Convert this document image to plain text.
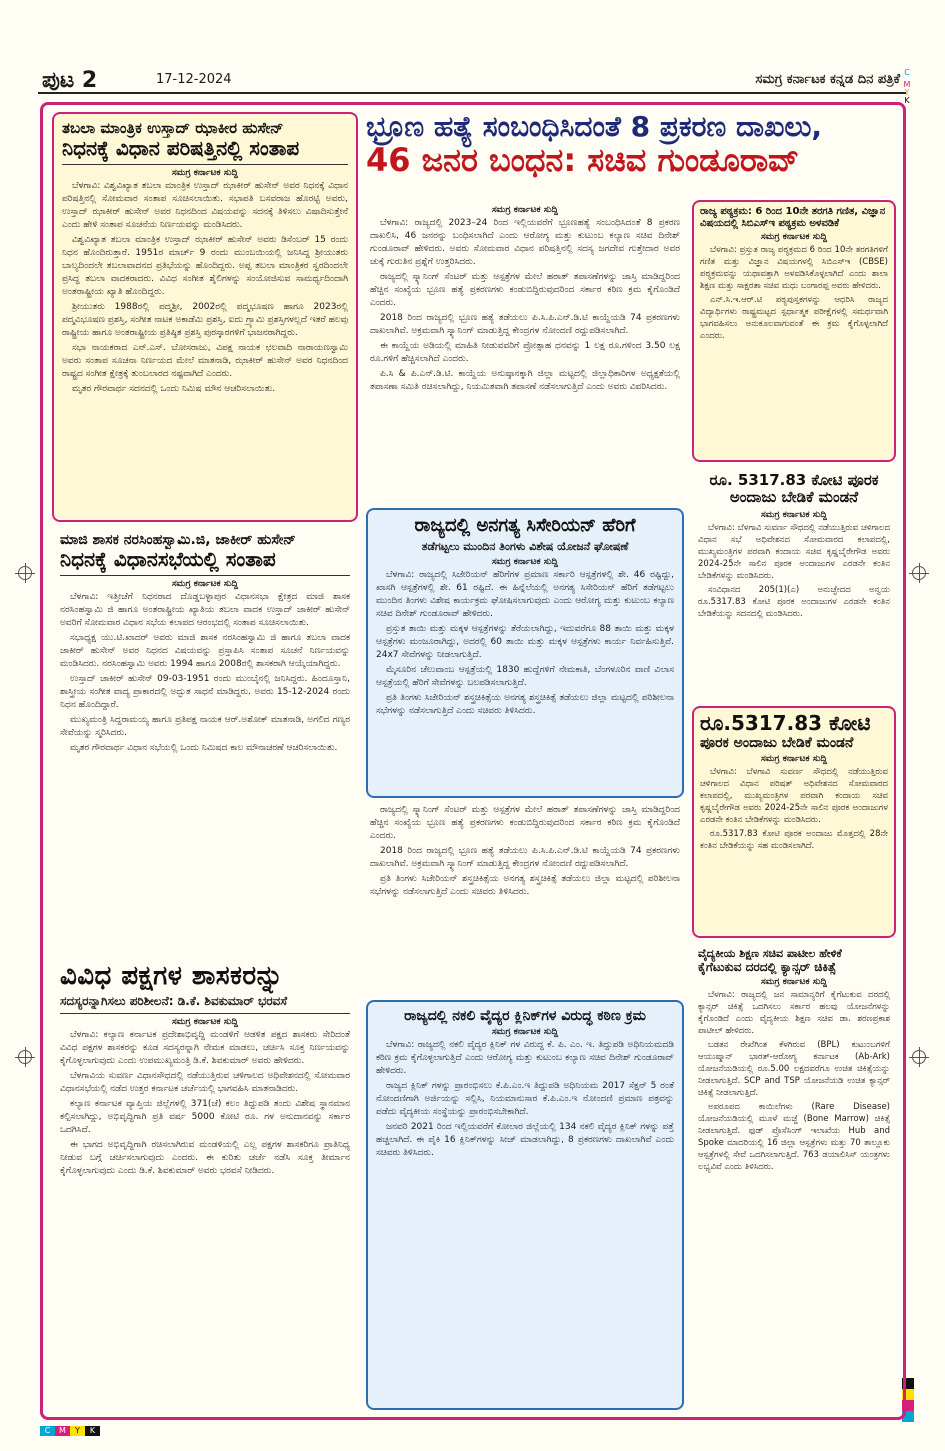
C
M
Y
K
C	M	Y	K
ಪುಟ 2	17-12-2024	ಸಮಗ್ರ ಕರ್ನಾಟಕ ಕನ್ನಡ ದಿನ ಪತ್ರಿಕೆ
ತಬಲಾ ಮಾಂತ್ರಿಕ ಉಸ್ತಾದ್ ಝಾಕೀರ ಹುಸೇನ್
ನಿಧನಕ್ಕೆ ವಿಧಾನ ಪರಿಷತ್ತಿನಲ್ಲಿ ಸಂತಾಪ
ಸಮಗ್ರ ಕರ್ನಾಟಕ ಸುದ್ದಿ

ಬೆಳಗಾವಿ: ವಿಶ್ವವಿಖ್ಯಾತ ತಬಲಾ ಮಾಂತ್ರಿಕ ಉಸ್ತಾದ್ ಝಾಕೀರ್ ಹುಸೇನ್ ಅವರ ನಿಧನಕ್ಕೆ ವಿಧಾನ ಪರಿಷತ್ತಿನಲ್ಲಿ ಸೋಮವಾರ ಸಂತಾಪ ಸೂಚಿಸಲಾಯಿತು. ಸಭಾಪತಿ ಬಸವರಾಜ ಹೊರಟ್ಟಿ ಅವರು, ಉಸ್ತಾದ್ ಝಾಕೀರ್ ಹುಸೇನ್ ಅವರ ನಿಧನದಿಂದ ವಿಷಯವನ್ನು ಸದನಕ್ಕೆ ತಿಳಿಸಲು ವಿಷಾದಿಸುತ್ತೇನೆ ಎಂದು ಹೇಳಿ ಸಂತಾಪ ಸೂಚನೆಯ ನಿರ್ಣಯವನ್ನು ಮಂಡಿಸಿದರು.

ವಿಶ್ವವಿಖ್ಯಾತ ತಬಲಾ ಮಾಂತ್ರಿಕ ಉಸ್ತಾದ್ ಝಾಕೀರ್ ಹುಸೇನ್ ಅವರು ಡಿಸೆಂಬರ್ 15 ರಂದು ನಿಧನ ಹೊಂದಿರುತ್ತಾರೆ. 1951ರ ಮಾರ್ಚ್ 9 ರಂದು ಮುಂಬಯಿಯಲ್ಲಿ ಜನಿಸಿದ್ದ ಶ್ರೀಯುತರು ಬಾಲ್ಯದಿಂದಲೇ ತಬಲಾವಾದನದ ಪ್ರತಿಭೆಯನ್ನು ಹೊಂದಿದ್ದರು. ಅಪ್ಪ ತಬಲಾ ಮಾಂತ್ರಿಕರ ಸ್ವರದಿಂದಲೇ ಪ್ರಸಿದ್ಧ ತಬಲಾ ವಾದಕರಾದರು. ವಿವಿಧ ಸಂಗೀತ ಶೈಲಿಗಳನ್ನು ಸಂಯೋಜಿಸುವ ಸಾಮರ್ಥ್ಯದಿಂದಾಗಿ ಅಂತರಾಷ್ಟ್ರೀಯ ಖ್ಯಾತಿ ಹೊಂದಿದ್ದರು.

ಶ್ರೀಯುತರು 1988ರಲ್ಲಿ ಪದ್ಮಶ್ರೀ, 2002ರಲ್ಲಿ ಪದ್ಮಭೂಷಣ ಹಾಗೂ 2023ರಲ್ಲಿ ಪದ್ಮವಿಭೂಷಣ ಪ್ರಶಸ್ತಿ, ಸಂಗೀತ ನಾಟಕ ಅಕಾಡೆಮಿ ಪ್ರಶಸ್ತಿ, ಐದು ಗ್ರ್ಯಾಮಿ ಪ್ರಶಸ್ತಿಗಳಲ್ಲದೆ ಇತರೆ ಹಲವು ರಾಷ್ಟ್ರೀಯ ಹಾಗೂ ಅಂತರಾಷ್ಟ್ರೀಯ ಪ್ರತಿಷ್ಠಿತ ಪ್ರಶಸ್ತಿ ಪುರಸ್ಕಾರಗಳಿಗೆ ಭಾಜನರಾಗಿದ್ದರು.

ಸಭಾ ನಾಯಕರಾದ ಎನ್.ಎಸ್. ಬೋಸರಾಜು, ವಿಪಕ್ಷ ನಾಯಕ ಛಲವಾದಿ ನಾರಾಯಣಸ್ವಾಮಿ ಅವರು ಸಂತಾಪ ಸೂಚನಾ ನಿರ್ಣಯದ ಮೇಲೆ ಮಾತನಾಡಿ, ಝಾಕೀರ್ ಹುಸೇನ್ ಅವರ ನಿಧನದಿಂದ ರಾಷ್ಟ್ರದ ಸಂಗೀತ ಕ್ಷೇತ್ರಕ್ಕೆ ತುಂಬಲಾರದ ನಷ್ಟವಾಗಿದೆ ಎಂದರು.

ಮೃತರ ಗೌರವಾರ್ಥ ಸದನದಲ್ಲಿ ಒಂದು ನಿಮಿಷ ಮೌನ ಆಚರಿಸಲಾಯಿತು.

ಮಾಜಿ ಶಾಸಕ ನರಸಿಂಹಸ್ವಾಮಿ.ಜಿ, ಜಾಕೀರ್ ಹುಸೇನ್
ನಿಧನಕ್ಕೆ ವಿಧಾನಸಭೆಯಲ್ಲಿ ಸಂತಾಪ
ಸಮಗ್ರ ಕರ್ನಾಟಕ ಸುದ್ದಿ

ಬೆಳಗಾವಿ: ಇತ್ತೀಚೆಗೆ ನಿಧನರಾದ ದೊಡ್ಡಬಳ್ಳಾಪುರ ವಿಧಾನಸಭಾ ಕ್ಷೇತ್ರದ ಮಾಜಿ ಶಾಸಕ ನರಸಿಂಹಸ್ವಾಮಿ ಜಿ ಹಾಗೂ ಅಂತರಾಷ್ಟ್ರೀಯ ಖ್ಯಾತಿಯ ತಬಲಾ ವಾದಕ ಉಸ್ತಾದ್ ಜಾಕೀರ್ ಹುಸೇನ್ ಅವರಿಗೆ ಸೋಮವಾರ ವಿಧಾನ ಸಭೆಯ ಕಲಾಪದ ಆರಂಭದಲ್ಲಿ ಸಂತಾಪ ಸೂಚಿಸಲಾಯಿತು.

ಸಭಾಧ್ಯಕ್ಷ ಯು.ಟಿ.ಖಾದರ್ ಅವರು ಮಾಜಿ ಶಾಸಕ ನರಸಿಂಹಸ್ವಾಮಿ ಜಿ ಹಾಗೂ ತಬಲಾ ವಾದಕ ಜಾಕೀರ್ ಹುಸೇನ್ ಅವರ ನಿಧನದ ವಿಷಯವನ್ನು ಪ್ರಸ್ತಾಪಿಸಿ ಸಂತಾಪ ಸೂಚನೆ ನಿರ್ಣಯವನ್ನು ಮಂಡಿಸಿದರು. ನರಸಿಂಹಸ್ವಾಮಿ ಅವರು 1994 ಹಾಗೂ 2008ರಲ್ಲಿ ಶಾಸಕರಾಗಿ ಆಯ್ಕೆಯಾಗಿದ್ದರು.

ಉಸ್ತಾದ್ ಜಾಕೀರ್ ಹುಸೇನ್ 09-03-1951 ರಂದು ಮುಂಬೈನಲ್ಲಿ ಜನಿಸಿದ್ದರು. ಹಿಂದೂಸ್ತಾನಿ, ಶಾಸ್ತ್ರೀಯ ಸಂಗೀತ ವಾದ್ಯ ಪ್ರಾಕಾರದಲ್ಲಿ ಅದ್ಭುತ ಸಾಧನೆ ಮಾಡಿದ್ದರು. ಅವರು 15-12-2024 ರಂದು ನಿಧನ ಹೊಂದಿದ್ದಾರೆ.

ಮುಖ್ಯಮಂತ್ರಿ ಸಿದ್ದರಾಮಯ್ಯ ಹಾಗೂ ಪ್ರತಿಪಕ್ಷ ನಾಯಕ ಆರ್.ಅಶೋಕ್ ಮಾತನಾಡಿ, ಅಗಲಿದ ಗಣ್ಯರ ಸೇವೆಯನ್ನು ಸ್ಮರಿಸಿದರು.

ಮೃತರ ಗೌರವಾರ್ಥ ವಿಧಾನ ಸಭೆಯಲ್ಲಿ ಒಂದು ನಿಮಿಷದ ಕಾಲ ಮೌನಾಚರಣೆ ಆಚರಿಸಲಾಯಿತು.

ವಿವಿಧ ಪಕ್ಷಗಳ ಶಾಸಕರನ್ನು
ಸದಸ್ಯರನ್ನಾಗಿಸಲು ಪರಿಶೀಲನೆ: ಡಿ.ಕೆ. ಶಿವಕುಮಾರ್ ಭರವಸೆ
ಸಮಗ್ರ ಕರ್ನಾಟಕ ಸುದ್ದಿ

ಬೆಳಗಾವಿ: ಕಲ್ಯಾಣ ಕರ್ನಾಟಕ ಪ್ರದೇಶಾಭಿವೃದ್ಧಿ ಮಂಡಳಿಗೆ ಆಡಳಿತ ಪಕ್ಷದ ಶಾಸಕರು ಸೇರಿದಂತೆ ವಿವಿಧ ಪಕ್ಷಗಳ ಶಾಸಕರನ್ನು ಕೂಡ ಸದಸ್ಯರನ್ನಾಗಿ ನೇಮಕ ಮಾಡಲು, ಚರ್ಚಿಸಿ ಸೂಕ್ತ ನಿರ್ಣಯವನ್ನು ಕೈಗೊಳ್ಳಲಾಗುವುದು ಎಂದು ಉಪಮುಖ್ಯಮಂತ್ರಿ ಡಿ.ಕೆ. ಶಿವಕುಮಾರ್ ಅವರು ಹೇಳಿದರು.

ಬೆಳಗಾವಿಯ ಸುವರ್ಣ ವಿಧಾನಸೌಧದಲ್ಲಿ ನಡೆಯುತ್ತಿರುವ ಚಳಿಗಾಲದ ಅಧಿವೇಶನದಲ್ಲಿ ಸೋಮವಾರ ವಿಧಾನಸಭೆಯಲ್ಲಿ ನಡೆದ ಉತ್ತರ ಕರ್ನಾಟಕ ಚರ್ಚೆಯಲ್ಲಿ ಭಾಗವಹಿಸಿ ಮಾತನಾಡಿದರು.

ಕಲ್ಯಾಣ ಕರ್ನಾಟಕ ವ್ಯಾಪ್ತಿಯ ಜಿಲ್ಲೆಗಳಲ್ಲಿ 371(ಜೆ) ಕಲಂ ತಿದ್ದುಪಡಿ ತಂದು ವಿಶೇಷ ಸ್ಥಾನಮಾನ ಕಲ್ಪಿಸಲಾಗಿದ್ದು, ಅಭಿವೃದ್ಧಿಗಾಗಿ ಪ್ರತಿ ವರ್ಷ 5000 ಕೋಟಿ ರೂ. ಗಳ ಅನುದಾನವನ್ನು ಸರ್ಕಾರ ಒದಗಿಸಿದೆ.

ಈ ಭಾಗದ ಅಭಿವೃದ್ಧಿಗಾಗಿ ರಚಿಸಲಾಗಿರುವ ಮಂಡಳಿಯಲ್ಲಿ ಎಲ್ಲ ಪಕ್ಷಗಳ ಶಾಸಕರಿಗೂ ಪ್ರಾತಿನಿಧ್ಯ ನೀಡುವ ಬಗ್ಗೆ ಚರ್ಚಿಸಲಾಗುವುದು ಎಂದರು. ಈ ಕುರಿತು ಚರ್ಚೆ ನಡೆಸಿ ಸೂಕ್ತ ತೀರ್ಮಾನ ಕೈಗೊಳ್ಳಲಾಗುವುದು ಎಂದು ಡಿ.ಕೆ. ಶಿವಕುಮಾರ್ ಅವರು ಭರವಸೆ ನೀಡಿದರು.

ಭ್ರೂಣ ಹತ್ಯೆ ಸಂಬಂಧಿಸಿದಂತೆ 8 ಪ್ರಕರಣ ದಾಖಲು,
46 ಜನರ ಬಂಧನ: ಸಚಿವ ಗುಂಡೂರಾವ್
ಸಮಗ್ರ ಕರ್ನಾಟಕ ಸುದ್ದಿ

ಬೆಳಗಾವಿ: ರಾಜ್ಯದಲ್ಲಿ 2023–24 ರಿಂದ ಇಲ್ಲಿಯವರೆಗೆ ಭ್ರೂಣಹತ್ಯೆ ಸಂಬಂಧಿಸಿದಂತೆ 8 ಪ್ರಕರಣ ದಾಖಲಿಸಿ, 46 ಜನರನ್ನು ಬಂಧಿಸಲಾಗಿದೆ ಎಂದು ಆರೋಗ್ಯ ಮತ್ತು ಕುಟುಂಬ ಕಲ್ಯಾಣ ಸಚಿವ ದಿನೇಶ್ ಗುಂಡೂರಾವ್ ಹೇಳಿದರು. ಅವರು ಸೋಮವಾರ ವಿಧಾನ ಪರಿಷತ್ತಿನಲ್ಲಿ ಸದಸ್ಯ ಜಗದೇವ ಗುತ್ತೇದಾರ ಅವರ ಚುಕ್ಕೆ ಗುರುತಿನ ಪ್ರಶ್ನೆಗೆ ಉತ್ತರಿಸಿದರು.

ರಾಜ್ಯದಲ್ಲಿ ಸ್ಕ್ಯಾನಿಂಗ್ ಸೆಂಟರ್ ಮತ್ತು ಆಸ್ಪತ್ರೆಗಳ ಮೇಲೆ ಹಠಾತ್ ತಪಾಸಣೆಗಳನ್ನು ಜಾಸ್ತಿ ಮಾಡಿದ್ದರಿಂದ ಹೆಚ್ಚಿನ ಸಂಖ್ಯೆಯ ಭ್ರೂಣ ಹತ್ಯೆ ಪ್ರಕರಣಗಳು ಕಂಡುಬಿದ್ದಿರುವುದರಿಂದ ಸರ್ಕಾರ ಕಠಿಣ ಕ್ರಮ ಕೈಗೊಂಡಿದೆ ಎಂದರು.

2018 ರಿಂದ ರಾಜ್ಯದಲ್ಲಿ ಭ್ರೂಣ ಹತ್ಯೆ ತಡೆಯಲು ಪಿ.ಸಿ.ಪಿ.ಎನ್.ಡಿ.ಟಿ ಕಾಯ್ದೆಯಡಿ 74 ಪ್ರಕರಣಗಳು ದಾಖಲಾಗಿವೆ. ಅಕ್ರಮವಾಗಿ ಸ್ಕ್ಯಾನಿಂಗ್ ಮಾಡುತ್ತಿದ್ದ ಕೇಂದ್ರಗಳ ನೋಂದಣಿ ರದ್ದುಪಡಿಸಲಾಗಿದೆ.

ಈ ಕಾಯ್ದೆಯ ಅಡಿಯಲ್ಲಿ ಮಾಹಿತಿ ನೀಡುವವರಿಗೆ ಪ್ರೋತ್ಸಾಹ ಧನವನ್ನು 1 ಲಕ್ಷ ರೂ.ಗಳಿಂದ 3.50 ಲಕ್ಷ ರೂ.ಗಳಿಗೆ ಹೆಚ್ಚಿಸಲಾಗಿದೆ ಎಂದರು.

ಪಿ.ಸಿ & ಪಿ.ಎನ್.ಡಿ.ಟಿ. ಕಾಯ್ದೆಯ ಅನುಷ್ಠಾನಕ್ಕಾಗಿ ಜಿಲ್ಲಾ ಮಟ್ಟದಲ್ಲಿ ಜಿಲ್ಲಾಧಿಕಾರಿಗಳ ಅಧ್ಯಕ್ಷತೆಯಲ್ಲಿ ತಪಾಸಣಾ ಸಮಿತಿ ರಚಿಸಲಾಗಿದ್ದು, ನಿಯಮಿತವಾಗಿ ತಪಾಸಣೆ ನಡೆಸಲಾಗುತ್ತಿದೆ ಎಂದು ಅವರು ವಿವರಿಸಿದರು.

ರಾಜ್ಯದಲ್ಲಿ ಅನಗತ್ಯ ಸಿಸೇರಿಯನ್ ಹೆರಿಗೆ
ತಡೆಗಟ್ಟಲು ಮುಂದಿನ ತಿಂಗಳು ವಿಶೇಷ ಯೋಜನೆ ಘೋಷಣೆ
ಸಮಗ್ರ ಕರ್ನಾಟಕ ಸುದ್ದಿ

ಬೆಳಗಾವಿ: ರಾಜ್ಯದಲ್ಲಿ ಸಿಜೇರಿಯನ್ ಹೆರಿಗೆಗಳ ಪ್ರಮಾಣ ಸರ್ಕಾರಿ ಆಸ್ಪತ್ರೆಗಳಲ್ಲಿ ಶೇ. 46 ರಷ್ಟಿದ್ದು, ಖಾಸಗಿ ಆಸ್ಪತ್ರೆಗಳಲ್ಲಿ ಶೇ. 61 ರಷ್ಟಿದೆ. ಈ ಹಿನ್ನೆಲೆಯಲ್ಲಿ ಅನಗತ್ಯ ಸಿಸೇರಿಯನ್ ಹೆರಿಗೆ ತಡೆಗಟ್ಟಲು ಮುಂದಿನ ತಿಂಗಳು ವಿಶೇಷ ಕಾರ್ಯಕ್ರಮ ಘೋಷಿಸಲಾಗುವುದು ಎಂದು ಆರೋಗ್ಯ ಮತ್ತು ಕುಟುಂಬ ಕಲ್ಯಾಣ ಸಚಿವ ದಿನೇಶ್ ಗುಂಡೂರಾವ್ ಹೇಳಿದರು.

ಪ್ರಸ್ತುತ ತಾಯಿ ಮತ್ತು ಮಕ್ಕಳ ಆಸ್ಪತ್ರೆಗಳನ್ನು ತೆರೆಯಲಾಗಿದ್ದು, ಇದುವರೆಗೂ 88 ತಾಯಿ ಮತ್ತು ಮಕ್ಕಳ ಆಸ್ಪತ್ರೆಗಳು ಮಂಜೂರಾಗಿದ್ದು, ಅದರಲ್ಲಿ 60 ತಾಯಿ ಮತ್ತು ಮಕ್ಕಳ ಆಸ್ಪತ್ರೆಗಳು ಕಾರ್ಯ ನಿರ್ವಹಿಸುತ್ತಿವೆ. 24x7 ಸೇವೆಗಳನ್ನು ನೀಡಲಾಗುತ್ತಿದೆ.

ಮೈಸೂರಿನ ಚೆಲುವಾಂಬ ಆಸ್ಪತ್ರೆಯಲ್ಲಿ 1830 ಹುದ್ದೆಗಳಿಗೆ ನೇಮಕಾತಿ, ಬೆಂಗಳೂರಿನ ವಾಣಿ ವಿಲಾಸ ಆಸ್ಪತ್ರೆಯಲ್ಲಿ ಹೆರಿಗೆ ಸೇವೆಗಳನ್ನು ಬಲಪಡಿಸಲಾಗುತ್ತಿದೆ.

ಪ್ರತಿ ತಿಂಗಳು ಸಿಜೇರಿಯನ್ ಶಸ್ತ್ರಚಿಕಿತ್ಸೆಯ ಅನಗತ್ಯ ಶಸ್ತ್ರಚಿಕಿತ್ಸೆ ತಡೆಯಲು ಜಿಲ್ಲಾ ಮಟ್ಟದಲ್ಲಿ ಪರಿಶೀಲನಾ ಸಭೆಗಳನ್ನು ನಡೆಸಲಾಗುತ್ತಿದೆ ಎಂದು ಸಚಿವರು ತಿಳಿಸಿದರು.

ರಾಜ್ಯದಲ್ಲಿ ಸ್ಕ್ಯಾನಿಂಗ್ ಸೆಂಟರ್ ಮತ್ತು ಆಸ್ಪತ್ರೆಗಳ ಮೇಲೆ ಹಠಾತ್ ತಪಾಸಣೆಗಳನ್ನು ಜಾಸ್ತಿ ಮಾಡಿದ್ದರಿಂದ ಹೆಚ್ಚಿನ ಸಂಖ್ಯೆಯ ಭ್ರೂಣ ಹತ್ಯೆ ಪ್ರಕರಣಗಳು ಕಂಡುಬಿದ್ದಿರುವುದರಿಂದ ಸರ್ಕಾರ ಕಠಿಣ ಕ್ರಮ ಕೈಗೊಂಡಿದೆ ಎಂದರು.

2018 ರಿಂದ ರಾಜ್ಯದಲ್ಲಿ ಭ್ರೂಣ ಹತ್ಯೆ ತಡೆಯಲು ಪಿ.ಸಿ.ಪಿ.ಎನ್.ಡಿ.ಟಿ ಕಾಯ್ದೆಯಡಿ 74 ಪ್ರಕರಣಗಳು ದಾಖಲಾಗಿವೆ. ಅಕ್ರಮವಾಗಿ ಸ್ಕ್ಯಾನಿಂಗ್ ಮಾಡುತ್ತಿದ್ದ ಕೇಂದ್ರಗಳ ನೋಂದಣಿ ರದ್ದುಪಡಿಸಲಾಗಿದೆ.

ಪ್ರತಿ ತಿಂಗಳು ಸಿಜೇರಿಯನ್ ಶಸ್ತ್ರಚಿಕಿತ್ಸೆಯ ಅನಗತ್ಯ ಶಸ್ತ್ರಚಿಕಿತ್ಸೆ ತಡೆಯಲು ಜಿಲ್ಲಾ ಮಟ್ಟದಲ್ಲಿ ಪರಿಶೀಲನಾ ಸಭೆಗಳನ್ನು ನಡೆಸಲಾಗುತ್ತಿದೆ ಎಂದು ಸಚಿವರು ತಿಳಿಸಿದರು.

ರಾಜ್ಯದಲ್ಲಿ ನಕಲಿ ವೈದ್ಯರ ಕ್ಲಿನಿಕ್‌ಗಳ ವಿರುದ್ಧ ಕಠಿಣ ಕ್ರಮ
ಸಮಗ್ರ ಕರ್ನಾಟಕ ಸುದ್ದಿ

ಬೆಳಗಾವಿ: ರಾಜ್ಯದಲ್ಲಿ ನಕಲಿ ವೈದ್ಯರ ಕ್ಲಿನಿಕ್ ಗಳ ವಿರುದ್ಧ ಕೆ. ಪಿ. ಎಂ. ಇ. ತಿದ್ದುಪಡಿ ಅಧಿನಿಯಮದಡಿ ಕಠಿಣ ಕ್ರಮ ಕೈಗೊಳ್ಳಲಾಗುತ್ತಿದೆ ಎಂದು ಆರೋಗ್ಯ ಮತ್ತು ಕುಟುಂಬ ಕಲ್ಯಾಣ ಸಚಿವ ದಿನೇಶ್ ಗುಂಡೂರಾವ್ ಹೇಳಿದರು.

ರಾಜ್ಯದ ಕ್ಲಿನಿಕ್ ಗಳನ್ನು ಪ್ರಾರಂಭಿಸಲು ಕೆ.ಪಿ.ಎಂ.ಇ ತಿದ್ದುಪಡಿ ಅಧಿನಿಯಮ 2017 ಸೆಕ್ಷನ್ 5 ರಂತೆ ನೋಂದಣಿಗಾಗಿ ಅರ್ಜಿಯನ್ನು ಸಲ್ಲಿಸಿ, ನಿಯಮಾನುಸಾರ ಕೆ.ಪಿ.ಎಂ.ಇ ನೋಂದಣಿ ಪ್ರಮಾಣ ಪತ್ರವನ್ನು ಪಡೆದು ವೈದ್ಯಕೀಯ ಸಂಸ್ಥೆಯನ್ನು ಪ್ರಾರಂಭಿಸಬೇಕಾಗಿದೆ.

ಜನವರಿ 2021 ರಿಂದ ಇಲ್ಲಿಯವರೆಗೆ ಕೋಲಾರ ಜಿಲ್ಲೆಯಲ್ಲಿ 134 ನಕಲಿ ವೈದ್ಯರ ಕ್ಲಿನಿಕ್ ಗಳನ್ನು ಪತ್ತೆ ಹಚ್ಚಲಾಗಿದೆ. ಈ ಪೈಕಿ 16 ಕ್ಲಿನಿಕ್‌ಗಳನ್ನು ಸೀಜ್ ಮಾಡಲಾಗಿದ್ದು, 8 ಪ್ರಕರಣಗಳು ದಾಖಲಾಗಿವೆ ಎಂದು ಸಚಿವರು ತಿಳಿಸಿದರು.

ರಾಜ್ಯ ಪಠ್ಯಕ್ರಮ: 6 ರಿಂದ 10ನೇ ತರಗತಿ ಗಣಿತ, ವಿಜ್ಞಾನ ವಿಷಯದಲ್ಲಿ ಸಿಬಿಎಸ್‌ಇ ಪಠ್ಯಕ್ರಮ ಅಳವಡಿಕೆ
ಸಮಗ್ರ ಕರ್ನಾಟಕ ಸುದ್ದಿ

ಬೆಳಗಾವಿ: ಪ್ರಸ್ತುತ ರಾಜ್ಯ ಪಠ್ಯಕ್ರಮದ 6 ರಿಂದ 10ನೇ ತರಗತಿಗಳಿಗೆ ಗಣಿತ ಮತ್ತು ವಿಜ್ಞಾನ ವಿಷಯಗಳಲ್ಲಿ ಸಿಬಿಎಸ್‌ಇ (CBSE) ಪಠ್ಯಕ್ರಮವನ್ನು ಯಥಾವತ್ತಾಗಿ ಅಳವಡಿಸಿಕೊಳ್ಳಲಾಗಿದೆ ಎಂದು ಶಾಲಾ ಶಿಕ್ಷಣ ಮತ್ತು ಸಾಕ್ಷರತಾ ಸಚಿವ ಮಧು ಬಂಗಾರಪ್ಪ ಅವರು ಹೇಳಿದರು.

ಎನ್.ಸಿ.ಇ.ಆರ್.ಟಿ ಪಠ್ಯಪುಸ್ತಕಗಳನ್ನು ಆಧರಿಸಿ ರಾಜ್ಯದ ವಿದ್ಯಾರ್ಥಿಗಳು ರಾಷ್ಟ್ರಮಟ್ಟದ ಸ್ಪರ್ಧಾತ್ಮಕ ಪರೀಕ್ಷೆಗಳಲ್ಲಿ ಸಮರ್ಥವಾಗಿ ಭಾಗವಹಿಸಲು ಅನುಕೂಲವಾಗುವಂತೆ ಈ ಕ್ರಮ ಕೈಗೊಳ್ಳಲಾಗಿದೆ ಎಂದರು.

ರೂ. 5317.83 ಕೋಟಿ ಪೂರಕ
ಅಂದಾಜು ಬೇಡಿಕೆ ಮಂಡನೆ
ಸಮಗ್ರ ಕರ್ನಾಟಕ ಸುದ್ದಿ

ಬೆಳಗಾವಿ: ಬೆಳಗಾವಿ ಸುವರ್ಣ ಸೌಧದಲ್ಲಿ ನಡೆಯುತ್ತಿರುವ ಚಳಿಗಾಲದ ವಿಧಾನ ಸಭೆ ಅಧಿವೇಶನದ ಸೋಮವಾರದ ಕಲಾಪದಲ್ಲಿ, ಮುಖ್ಯಮಂತ್ರಿಗಳ ಪರವಾಗಿ ಕಂದಾಯ ಸಚಿವ ಕೃಷ್ಣಬೈರೇಗೌಡ ಅವರು 2024-25ನೇ ಸಾಲಿನ ಪೂರಕ ಅಂದಾಜುಗಳ ಎರಡನೇ ಕಂತಿನ ಬೇಡಿಕೆಗಳನ್ನು ಮಂಡಿಸಿದರು.

ಸಂವಿಧಾನದ 205(1)(ಎ) ಅನುಚ್ಛೇದದ ಅನ್ವಯ ರೂ.5317.83 ಕೋಟಿ ಪೂರಕ ಅಂದಾಜುಗಳ ಎರಡನೇ ಕಂತಿನ ಬೇಡಿಕೆಯನ್ನು ಸದನದಲ್ಲಿ ಮಂಡಿಸಿದರು.

ರೂ.5317.83 ಕೋಟಿ
ಪೂರಕ ಅಂದಾಜು ಬೇಡಿಕೆ ಮಂಡನೆ
ಸಮಗ್ರ ಕರ್ನಾಟಕ ಸುದ್ದಿ

ಬೆಳಗಾವಿ: ಬೆಳಗಾವಿ ಸುವರ್ಣ ಸೌಧದಲ್ಲಿ ನಡೆಯುತ್ತಿರುವ ಚಳಿಗಾಲದ ವಿಧಾನ ಪರಿಷತ್ ಅಧಿವೇಶನದ ಸೋಮವಾರದ ಕಲಾಪದಲ್ಲಿ, ಮುಖ್ಯಮಂತ್ರಿಗಳ ಪರವಾಗಿ ಕಂದಾಯ ಸಚಿವ ಕೃಷ್ಣಬೈರೇಗೌಡ ಅವರು 2024-25ನೇ ಸಾಲಿನ ಪೂರಕ ಅಂದಾಜುಗಳ ಎರಡನೇ ಕಂತಿನ ಬೇಡಿಕೆಗಳನ್ನು ಮಂಡಿಸಿದರು.

ರೂ.5317.83 ಕೋಟಿ ಪೂರಕ ಅಂದಾಜು ಮೊತ್ತದಲ್ಲಿ 28ನೇ ಕಂತಿನ ಬೇಡಿಕೆಯನ್ನು ಸಹ ಮಂಡಿಸಲಾಗಿದೆ.

ವೈದ್ಯಕೀಯ ಶಿಕ್ಷಣ ಸಚಿವ ಪಾಟೀಲ ಹೇಳಿಕೆ
ಕೈಗೆಟುಕುವ ದರದಲ್ಲಿ ಕ್ಯಾನ್ಸರ್ ಚಿಕಿತ್ಸೆ
ಸಮಗ್ರ ಕರ್ನಾಟಕ ಸುದ್ದಿ

ಬೆಳಗಾವಿ: ರಾಜ್ಯದಲ್ಲಿ ಜನ ಸಾಮಾನ್ಯರಿಗೆ ಕೈಗೆಟುಕುವ ದರದಲ್ಲಿ ಕ್ಯಾನ್ಸರ್ ಚಿಕಿತ್ಸೆ ಒದಗಿಸಲು ಸರ್ಕಾರ ಹಲವು ಯೋಜನೆಗಳನ್ನು ಕೈಗೊಂಡಿದೆ ಎಂದು ವೈದ್ಯಕೀಯ ಶಿಕ್ಷಣ ಸಚಿವ ಡಾ. ಶರಣಪ್ರಕಾಶ ಪಾಟೀಲ್ ಹೇಳಿದರು.

ಬಡತನ ರೇಖೆಗಿಂತ ಕೆಳಗಿರುವ (BPL) ಕುಟುಂಬಗಳಿಗೆ ಆಯುಷ್ಮಾನ್ ಭಾರತ್-ಆರೋಗ್ಯ ಕರ್ನಾಟಕ (Ab-Ark) ಯೋಜನೆಯಡಿಯಲ್ಲಿ ರೂ.5.00 ಲಕ್ಷದವರೆಗೂ ಉಚಿತ ಚಿಕಿತ್ಸೆಯನ್ನು ನೀಡಲಾಗುತ್ತಿದೆ. SCP and TSP ಯೋಜನೆಯಡಿ ಉಚಿತ ಕ್ಯಾನ್ಸರ್ ಚಿಕಿತ್ಸೆ ನೀಡಲಾಗುತ್ತಿದೆ.

ಅಪರೂಪದ ಕಾಯಿಲೆಗಳು (Rare Disease) ಯೋಜನೆಯಡಿಯಲ್ಲಿ ಮೂಳೆ ಮಜ್ಜೆ (Bone Marrow) ಚಿಕಿತ್ಸೆ ನೀಡಲಾಗುತ್ತಿದೆ. ಫುಡ್ ಪ್ರೊಸೆಸಿಂಗ್ ಇಲಾಖೆಯ Hub and Spoke ಮಾದರಿಯಲ್ಲಿ 16 ಜಿಲ್ಲಾ ಆಸ್ಪತ್ರೆಗಳು ಮತ್ತು 70 ತಾಲ್ಲೂಕು ಆಸ್ಪತ್ರೆಗಳಲ್ಲಿ ಸೇವೆ ಒದಗಿಸಲಾಗುತ್ತಿದೆ. 763 ಡಯಾಲಿಸಿಸ್ ಯಂತ್ರಗಳು ಲಭ್ಯವಿವೆ ಎಂದು ತಿಳಿಸಿದರು.
